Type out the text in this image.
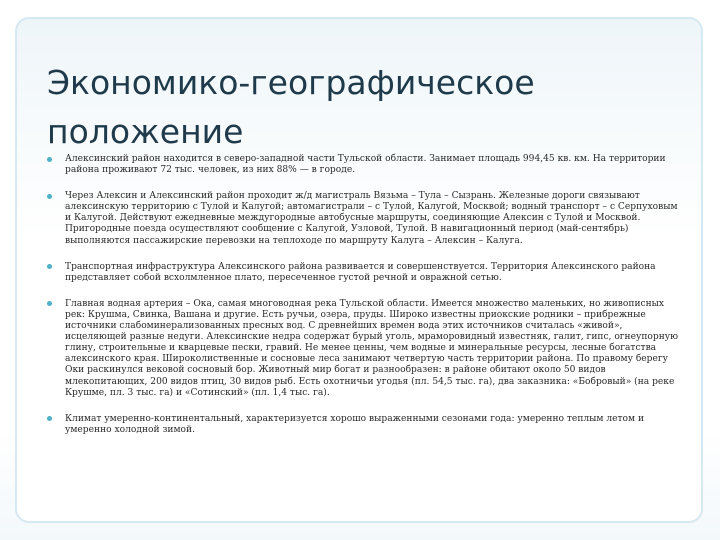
Экономико-географическое положение
Алексинский район находится в северо-западной части Тульской области. Занимает площадь 994,45 кв. км. На территории района проживают 72 тыс. человек, из них 88% — в городе.
Через Алексин и Алексинский район проходит ж/д магистраль Вязьма – Тула – Сызрань. Железные дороги связывают алексинскую территорию с Тулой и Калугой; автомагистрали – с Тулой, Калугой, Москвой; водный транспорт – с Серпуховым и Калугой. Действуют ежедневные междугородные автобусные маршруты, соединяющие Алексин с Тулой и Москвой. Пригородные поезда осуществляют сообщение с Калугой, Узловой, Тулой. В навигационный период (май-сентябрь) выполняются пассажирские перевозки на теплоходе по маршруту Калуга – Алексин – Калуга.
Транспортная инфраструктура Алексинского района развивается и совершенствуется. Территория Алексинского района представляет собой всхолмленное плато, пересеченное густой речной и овражной сетью.
Главная водная артерия – Ока, самая многоводная река Тульской области. Имеется множество маленьких, но живописных рек: Крушма, Свинка, Вашана и другие. Есть ручьи, озера, пруды. Широко известны приокские родники – прибрежные источники слабоминерализованных пресных вод. С древнейших времен вода этих источников считалась «живой», исцеляющей разные недуги. Алексинские недра содержат бурый уголь, мраморовидный известняк, галит, гипс, огнеупорную глину, строительные и кварцевые пески, гравий. Не менее ценны, чем водные и минеральные ресурсы, лесные богатства алексинского края. Широколиственные и сосновые леса занимают четвертую часть территории района. По правому берегу Оки раскинулся вековой сосновый бор. Животный мир богат и разнообразен: в районе обитают около 50 видов млекопитающих, 200 видов птиц, 30 видов рыб. Есть охотничьи угодья (пл. 54,5 тыс. га), два заказника: «Бобровый» (на реке Крушме, пл. 3 тыс. га) и «Сотинский» (пл. 1,4 тыс. га).
Климат умеренно-континентальный, характеризуется хорошо выраженными сезонами года: умеренно теплым летом и умеренно холодной зимой.
